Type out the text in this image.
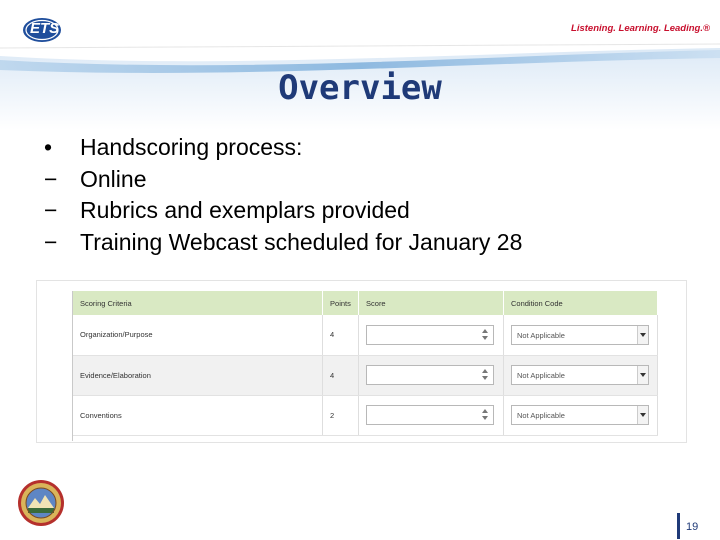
ETS	Listening. Learning. Leading.®
Overview
•	Handscoring process:
− Online
− Rubrics and exemplars provided
− Training Webcast scheduled for January 28
Scoring Criteria	Points	Score	Condition Code
Organization/Purpose	4		Not Applicable

Evidence/Elaboration	4		Not Applicable

Conventions	2		Not Applicable
19
